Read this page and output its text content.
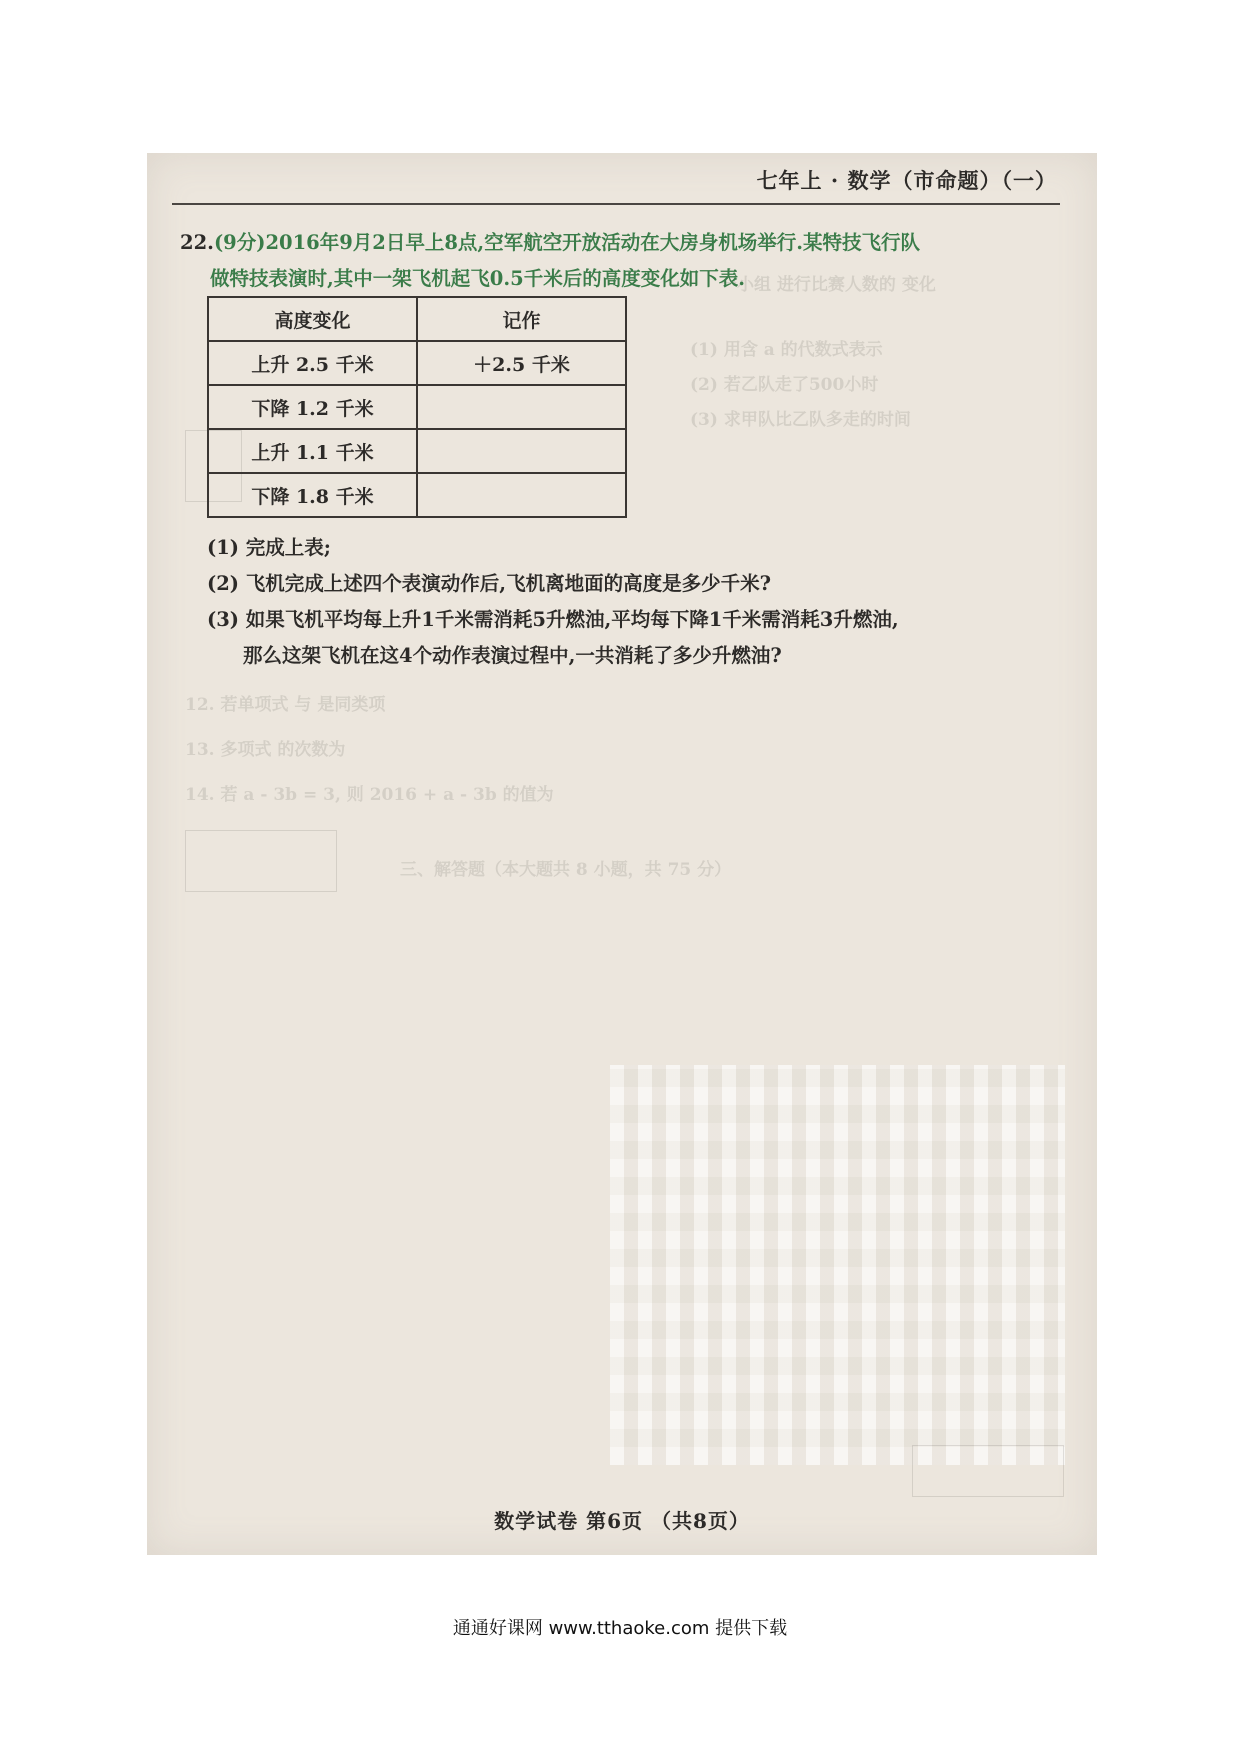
一小组 进行比赛人数的 变化
(1) 用含 a 的代数式表示
(2) 若乙队走了500小时
(3) 求甲队比乙队多走的时间
12. 若单项式 与 是同类项
13. 多项式 的次数为
14. 若 a - 3b = 3, 则 2016 + a - 3b 的值为
三、解答题（本大题共 8 小题，共 75 分）
七年上 · 数学（市命题）（一）
22.(9分)2016年9月2日早上8点,空军航空开放活动在大房身机场举行.某特技飞行队
做特技表演时,其中一架飞机起飞0.5千米后的高度变化如下表.
高度变化	记作
上升 2.5 千米	＋2.5 千米
下降 1.2 千米	
上升 1.1 千米	
下降 1.8 千米	
(1) 完成上表;
(2) 飞机完成上述四个表演动作后,飞机离地面的高度是多少千米?
(3) 如果飞机平均每上升1千米需消耗5升燃油,平均每下降1千米需消耗3升燃油,
那么这架飞机在这4个动作表演过程中,一共消耗了多少升燃油?
数学试卷 第6页 （共8页）
通通好课网 www.tthaoke.com 提供下载
